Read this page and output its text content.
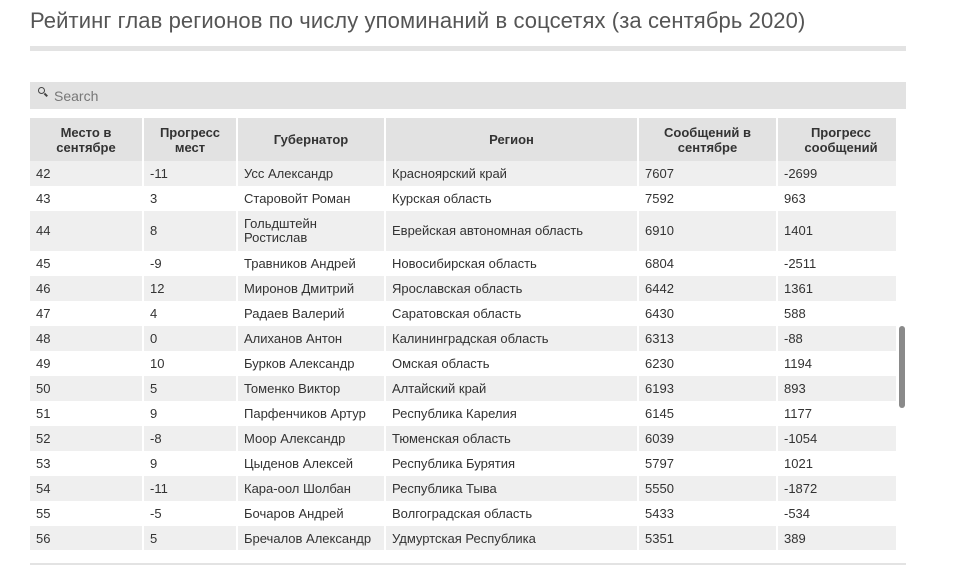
Рейтинг глав регионов по числу упоминаний в соцсетях (за сентябрь 2020)
Search
Место в сентябре	Прогресс мест	Губернатор	Регион	Сообщений в сентябре	Прогресс сообщений
42	-11	Усс Александр	Красноярский край	7607	-2699
43	3	Старовойт Роман	Курская область	7592	963
44	8	Гольдштейн Ростислав	Еврейская автономная область	6910	1401
45	-9	Травников Андрей	Новосибирская область	6804	-2511
46	12	Миронов Дмитрий	Ярославская область	6442	1361
47	4	Радаев Валерий	Саратовская область	6430	588
48	0	Алиханов Антон	Калининградская область	6313	-88
49	10	Бурков Александр	Омская область	6230	1194
50	5	Томенко Виктор	Алтайский край	6193	893
51	9	Парфенчиков Артур	Республика Карелия	6145	1177
52	-8	Моор Александр	Тюменская область	6039	-1054
53	9	Цыденов Алексей	Республика Бурятия	5797	1021
54	-11	Кара-оол Шолбан	Республика Тыва	5550	-1872
55	-5	Бочаров Андрей	Волгоградская область	5433	-534
56	5	Бречалов Александр	Удмуртская Республика	5351	389
